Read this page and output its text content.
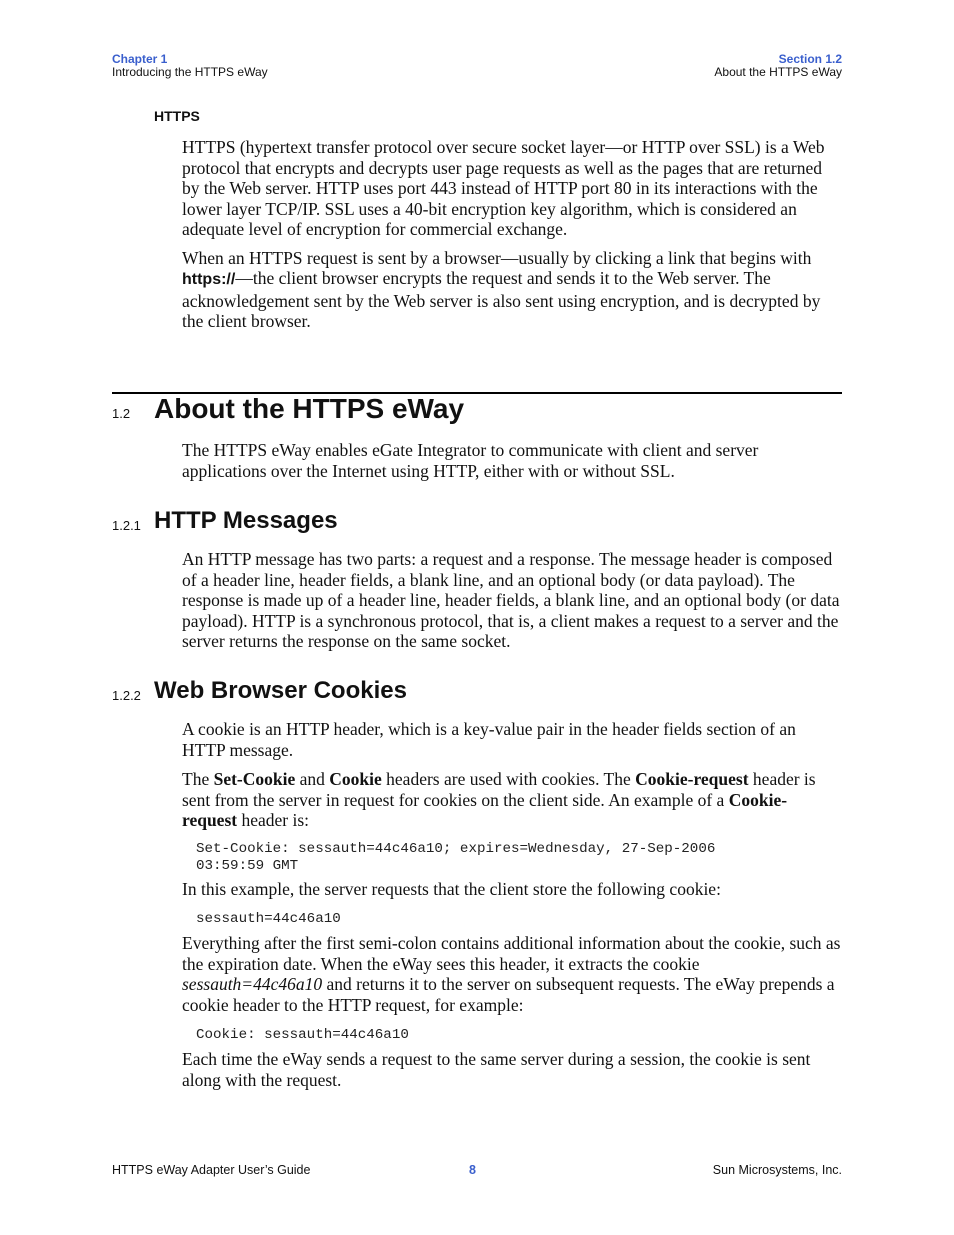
Chapter 1
Introducing the HTTPS eWay
Section 1.2
About the HTTPS eWay
HTTPS

HTTPS (hypertext transfer protocol over secure socket layer—or HTTP over SSL) is a Web protocol that encrypts and decrypts user page requests as well as the pages that are returned by the Web server. HTTP uses port 443 instead of HTTP port 80 in its interactions with the lower layer TCP/IP. SSL uses a 40-bit encryption key algorithm, which is considered an adequate level of encryption for commercial exchange.

When an HTTPS request is sent by a browser—usually by clicking a link that begins with https://—the client browser encrypts the request and sends it to the Web server. The acknowledgement sent by the Web server is also sent using encryption, and is decrypted by the client browser.

1.2 About the HTTPS eWay

The HTTPS eWay enables eGate Integrator to communicate with client and server applications over the Internet using HTTP, either with or without SSL.

1.2.1 HTTP Messages

An HTTP message has two parts: a request and a response. The message header is composed of a header line, header fields, a blank line, and an optional body (or data payload). The response is made up of a header line, header fields, a blank line, and an optional body (or data payload). HTTP is a synchronous protocol, that is, a client makes a request to a server and the server returns the response on the same socket.

1.2.2 Web Browser Cookies

A cookie is an HTTP header, which is a key-value pair in the header fields section of an HTTP message.

The Set-Cookie and Cookie headers are used with cookies. The Cookie-request header is sent from the server in request for cookies on the client side. An example of a Cookie-request header is:

Set-Cookie: sessauth=44c46a10; expires=Wednesday, 27-Sep-2006
03:59:59 GMT

In this example, the server requests that the client store the following cookie:

sessauth=44c46a10

Everything after the first semi-colon contains additional information about the cookie, such as the expiration date. When the eWay sees this header, it extracts the cookie sessauth=44c46a10 and returns it to the server on subsequent requests. The eWay prepends a cookie header to the HTTP request, for example:

Cookie: sessauth=44c46a10

Each time the eWay sends a request to the same server during a session, the cookie is sent along with the request.

HTTPS eWay Adapter User’s Guide	8	Sun Microsystems, Inc.
